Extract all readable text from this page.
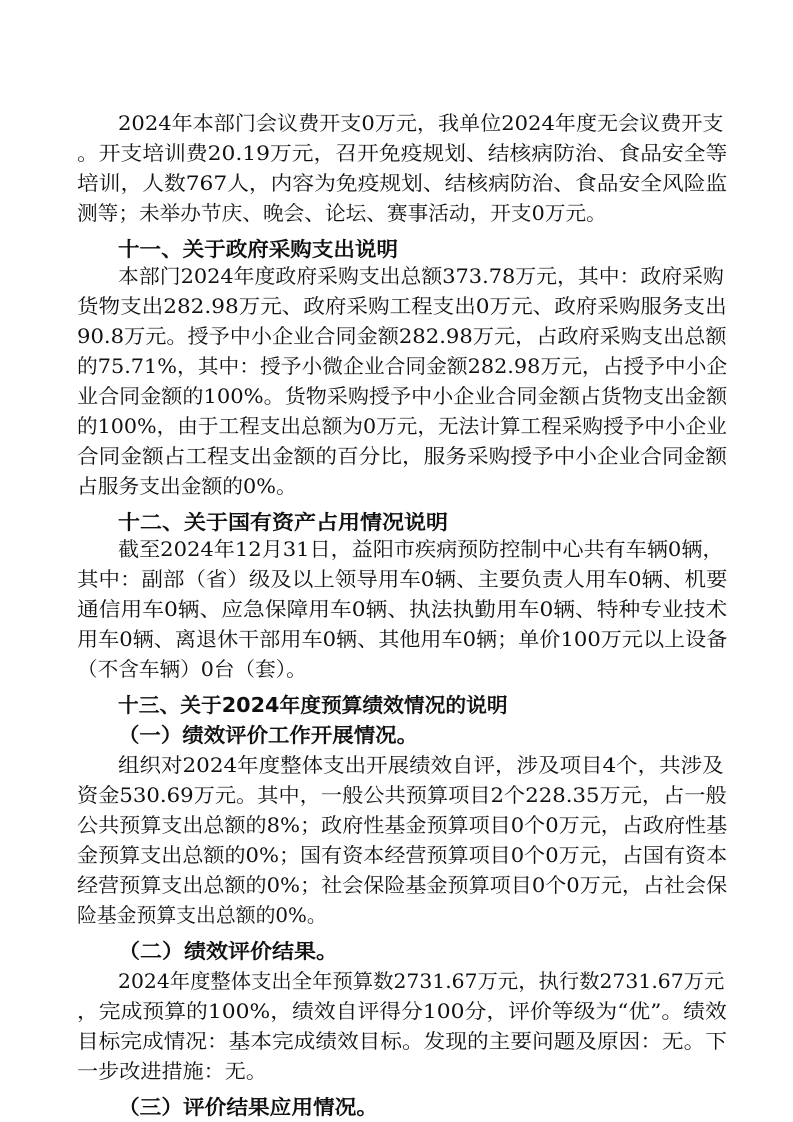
2024年本部门会议费开支0万元，我单位2024年度无会议费开支
。开支培训费20.19万元，召开免疫规划、结核病防治、食品安全等
培训，人数767人，内容为免疫规划、结核病防治、食品安全风险监
测等；未举办节庆、晚会、论坛、赛事活动，开支0万元。
十一、关于政府采购支出说明
本部门2024年度政府采购支出总额373.78万元，其中：政府采购
货物支出282.98万元、政府采购工程支出0万元、政府采购服务支出
90.8万元。授予中小企业合同金额282.98万元，占政府采购支出总额
的75.71%，其中：授予小微企业合同金额282.98万元，占授予中小企
业合同金额的100%。货物采购授予中小企业合同金额占货物支出金额
的100%，由于工程支出总额为0万元，无法计算工程采购授予中小企业
合同金额占工程支出金额的百分比，服务采购授予中小企业合同金额
占服务支出金额的0%。
十二、关于国有资产占用情况说明
截至2024年12月31日，益阳市疾病预防控制中心共有车辆0辆，
其中：副部（省）级及以上领导用车0辆、主要负责人用车0辆、机要
通信用车0辆、应急保障用车0辆、执法执勤用车0辆、特种专业技术
用车0辆、离退休干部用车0辆、其他用车0辆；单价100万元以上设备
（不含车辆）0台（套）。
十三、关于2024年度预算绩效情况的说明
（一）绩效评价工作开展情况。
组织对2024年度整体支出开展绩效自评，涉及项目4个，共涉及
资金530.69万元。其中，一般公共预算项目2个228.35万元，占一般
公共预算支出总额的8%；政府性基金预算项目0个0万元，占政府性基
金预算支出总额的0%；国有资本经营预算项目0个0万元，占国有资本
经营预算支出总额的0%；社会保险基金预算项目0个0万元，占社会保
险基金预算支出总额的0%。
（二）绩效评价结果。
2024年度整体支出全年预算数2731.67万元，执行数2731.67万元
，完成预算的100%，绩效自评得分100分，评价等级为“优”。绩效
目标完成情况：基本完成绩效目标。发现的主要问题及原因：无。下
一步改进措施：无。
（三）评价结果应用情况。
